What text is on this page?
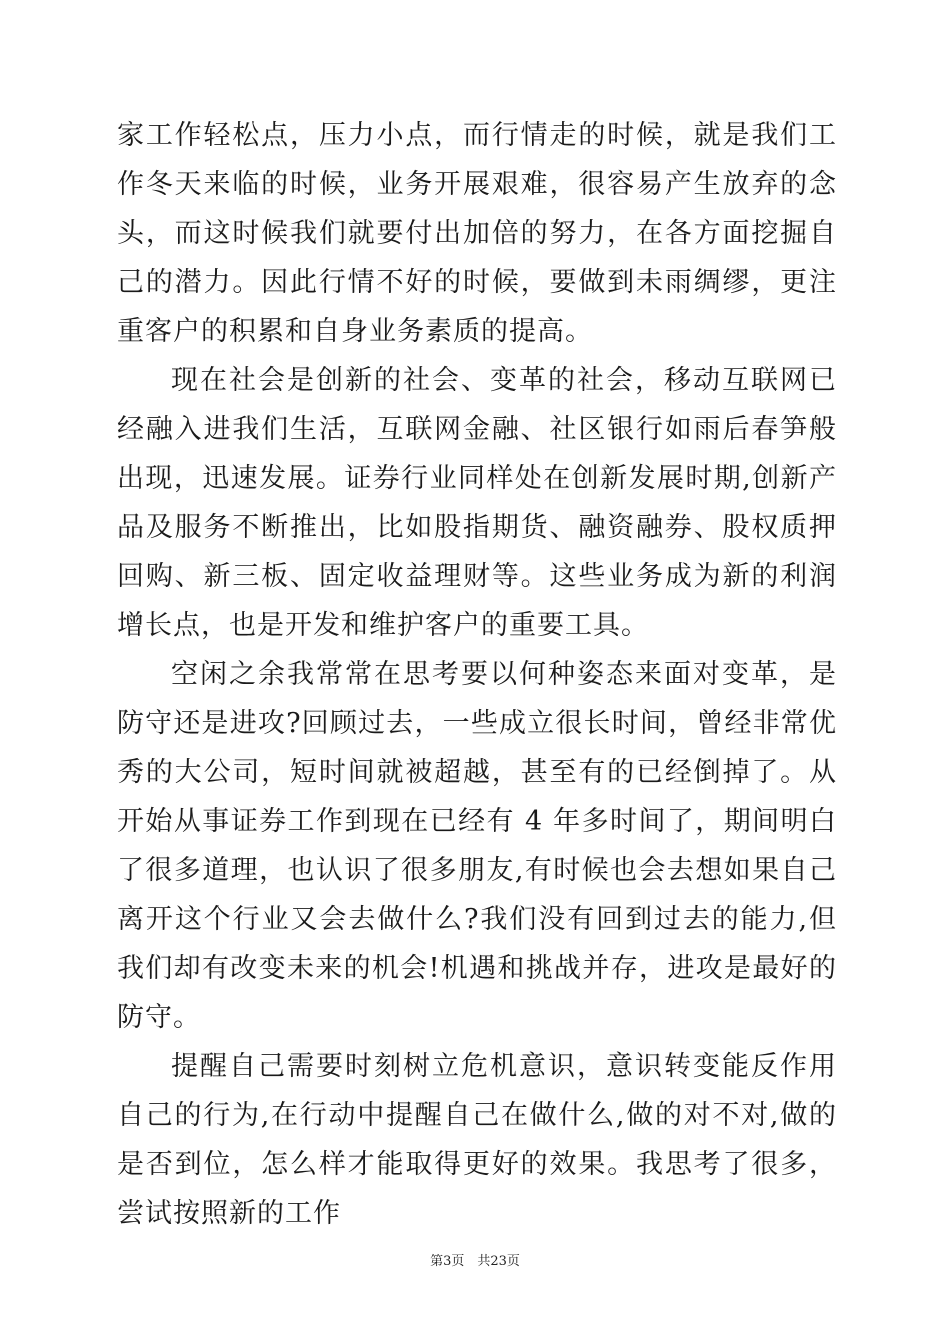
家工作轻松点，压力小点，而行情走的时候，就是我们工作冬天来临的时候，业务开展艰难，很容易产生放弃的念头，而这时候我们就要付出加倍的努力，在各方面挖掘自己的潜力。因此行情不好的时候，要做到未雨绸缪，更注重客户的积累和自身业务素质的提高。

现在社会是创新的社会、变革的社会，移动互联网已经融入进我们生活，互联网金融、社区银行如雨后春笋般出现，迅速发展。证券行业同样处在创新发展时期,创新产品及服务不断推出，比如股指期货、融资融券、股权质押回购、新三板、固定收益理财等。这些业务成为新的利润增长点，也是开发和维护客户的重要工具。

空闲之余我常常在思考要以何种姿态来面对变革，是防守还是进攻?回顾过去，一些成立很长时间，曾经非常优秀的大公司，短时间就被超越，甚至有的已经倒掉了。从开始从事证券工作到现在已经有 4 年多时间了，期间明白了很多道理，也认识了很多朋友,有时候也会去想如果自己离开这个行业又会去做什么?我们没有回到过去的能力,但我们却有改变未来的机会!机遇和挑战并存，进攻是最好的防守。

提醒自己需要时刻树立危机意识，意识转变能反作用自己的行为,在行动中提醒自己在做什么,做的对不对,做的是否到位，怎么样才能取得更好的效果。我思考了很多，尝试按照新的工作

第3页　共23页
